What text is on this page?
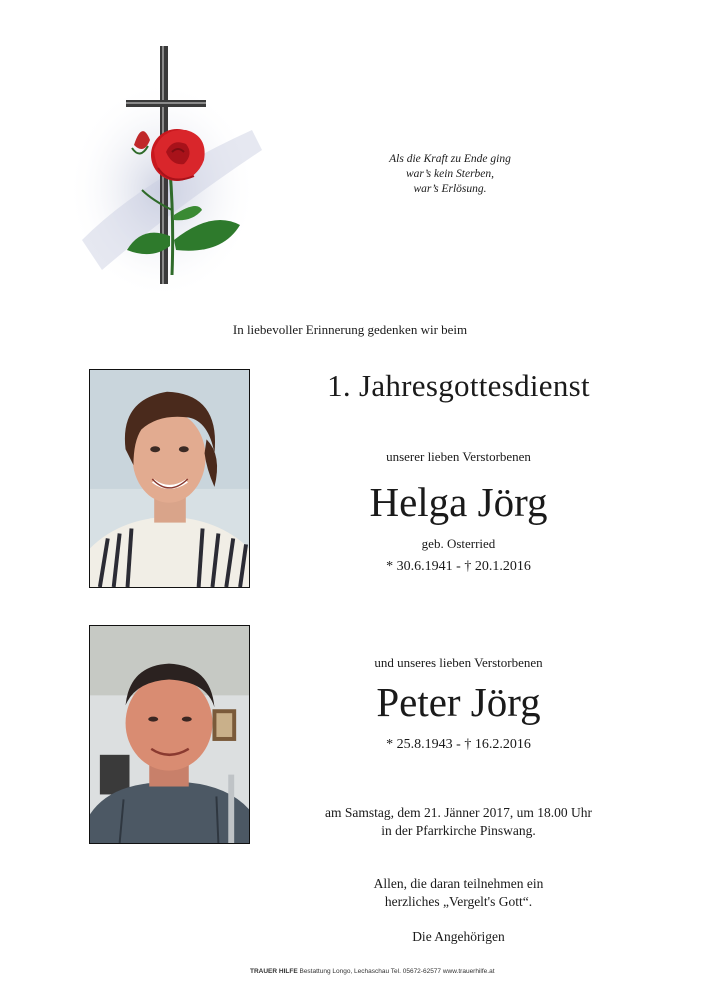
Als die Kraft zu Ende ging
war’s kein Sterben,
war’s Erlösung.
In liebevoller Erinnerung gedenken wir beim
1. Jahresgottesdienst
unserer lieben Verstorbenen
Helga Jörg
geb. Osterried
* 30.6.1941 - † 20.1.2016
und unseres lieben Verstorbenen
Peter Jörg
* 25.8.1943 - † 16.2.2016
am Samstag, dem 21. Jänner 2017, um 18.00 Uhr
in der Pfarrkirche Pinswang.
Allen, die daran teilnehmen ein
herzliches „Vergelt's Gott“.
Die Angehörigen
TRAUER HILFE Bestattung Longo, Lechaschau Tel. 05672-62577 www.trauerhilfe.at
